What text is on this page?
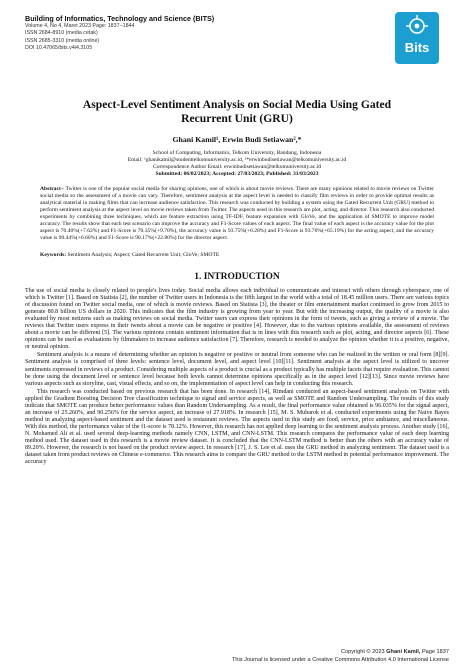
Building of Informatics, Technology and Science (BITS)
Volume 4, No 4, Maret 2023 Page: 1837−1844
ISSN 2684-8910 (media cetak)
ISSN 2685-3310 (media online)
DOI 10.47065/bits.v4i4.3105	Bits
Aspect-Level Sentiment Analysis on Social Media Using Gated
Recurrent Unit (GRU)
Ghani Kamil¹, Erwin Budi Setiawan²,*
School of Computing, Informatics, Telkom University, Bandung, Indonesia
Email: ¹ghanikamil@studenttelkomuniversity.ac.id, ²*erwinbudisetiawan@telkomuniversity.ac.id
Correspondence Author Email: erwinbudisetiawan@telkomuniversity.ac.id
Submitted: 06/02/2023; Accepted: 27/03/2023; Published: 31/03/2023
Abstract− Twitter is one of the popular social media for sharing opinions, one of which is about movie reviews. There are many opinions related to movie reviews on Twitter social media so the assessment of a movie can vary. Therefore, sentiment analysis at the aspect level is needed to classify film reviews in order to provide optimal results as analytical material in making films that can increase audience satisfaction. This research was conducted by building a system using the Gated Recurrent Unit (GRU) method to perform sentiment analysis at the aspect level on movie reviews taken from Twitter. The aspects used in this research are plot, acting, and director. This research also conducted experiments by combining three techniques, which are feature extraction using TF-IDF, feature expansion with GloVe, and the application of SMOTE to improve model accuracy. The results show that each test scenario can improve the accuracy and F1-Score values of each aspect. The final value of each aspect is the accuracy value for the plot aspect is 70.40%(+7.62%) and F1-Score is 70.35%(+9.70%), the accuracy value is 93.75%(+6.28%) and F1-Score is 93.70%(+65.19%) for the acting aspect, and the accuracy value is 90.44%(+6.60%) and F1-Score is 90.17%(+22.80%) for the director aspect.
Keywords: Sentiment Analysis; Aspect; Gated Recurrent Unit; GloVe; SMOTE
1. INTRODUCTION

The use of social media is closely related to people's lives today. Social media allows each individual to communicate and interact with others through cyberspace, one of which is Twitter [1]. Based on Statista [2], the number of Twitter users in Indonesia is the fifth largest in the world with a total of 18.45 million users. There are various topics of discussion found on Twitter social media, one of which is movie reviews. Based on Statista [3], the theater or film entertainment market continued to grow from 2015 to generate 80.8 billion US dollars in 2020. This indicates that the film industry is growing from year to year. But with the increasing output, the quality of a movie is also evaluated by most netizens such as making reviews on social media. Twitter users can express their opinions in the form of tweets, such as giving a review of a movie. The reviews that Twitter users express in their tweets about a movie can be negative or positive [4]. However, due to the various opinions available, the assessment of reviews about a movie can be different [5]. The various opinions contain sentiment information that is in lines with this research such as plot, acting, and director aspects [6]. These opinions can be used as evaluations by filmmakers to increase audience satisfaction [7]. Therefore, research is needed to analyze the opinion whether it is a positive, negative, or neutral opinion.

Sentiment analysis is a means of determining whether an opinion is negative or positive or neutral from someone who can be realized in the written or oral form [8][9]. Sentiment analysis is comprised of three levels: sentence level, document level, and aspect level [10][11]. Sentiment analysis at the aspect level is utilized to uncover sentiments expressed in reviews of a product. Considering multiple aspects of a product is crucial as a product typically has multiple facets that require evaluation. This cannot be done using the document level or sentence level because both levels cannot determine opinions specifically as in the aspect level [12][13]. Since movie reviews have various aspects such as storyline, cast, visual effects, and so on, the implementation of aspect level can help in conducting this research.

This research was conducted based on previous research that has been done. In research [14], Rimdani conducted an aspect-based sentiment analysis on Twitter with applied the Gradient Boosting Decision Tree classification technique to signal and service aspects, as well as SMOTE and Random Undersampling. The results of this study indicate that SMOTE can produce better performance values than Random Undersampling. As a result, the final performance value obtained is 96.035% for the signal aspect, an increase of 25.260%, and 90.256% for the service aspect, an increase of 27.918%. In research [15], M. S. Mubarok et al. conducted experiments using the Naive Bayes method in analyzing aspect-based sentiment and the dataset used is restaurant reviews. The aspects used in this study are food, service, price ambiance, and miscellaneous. With this method, the performance value of the f1-score is 78.12%. However, this research has not applied deep learning to the sentiment analysis process. Another study [16], N. Mohamed Ali et al. used several deep-learning methods namely CNN, LSTM, and CNN-LSTM. This research compares the performance value of each deep learning method used. The dataset used in this research is a movie review dataset. It is concluded that the CNN-LSTM method is better than the others with an accuracy value of 89.20%. However, the research is not based on the product review aspect. In research [17], J. S. Lee et al. uses the GRU method in analyzing sentiment. The dataset used is a dataset taken from product reviews on Chinese e-commerce. This research aims to compare the GRU method to the LSTM method in potential performance improvement. The accuracy

Copyright © 2023 Ghani Kamil, Page 1837
This Journal is licensed under a Creative Commons Attribution 4.0 International License
